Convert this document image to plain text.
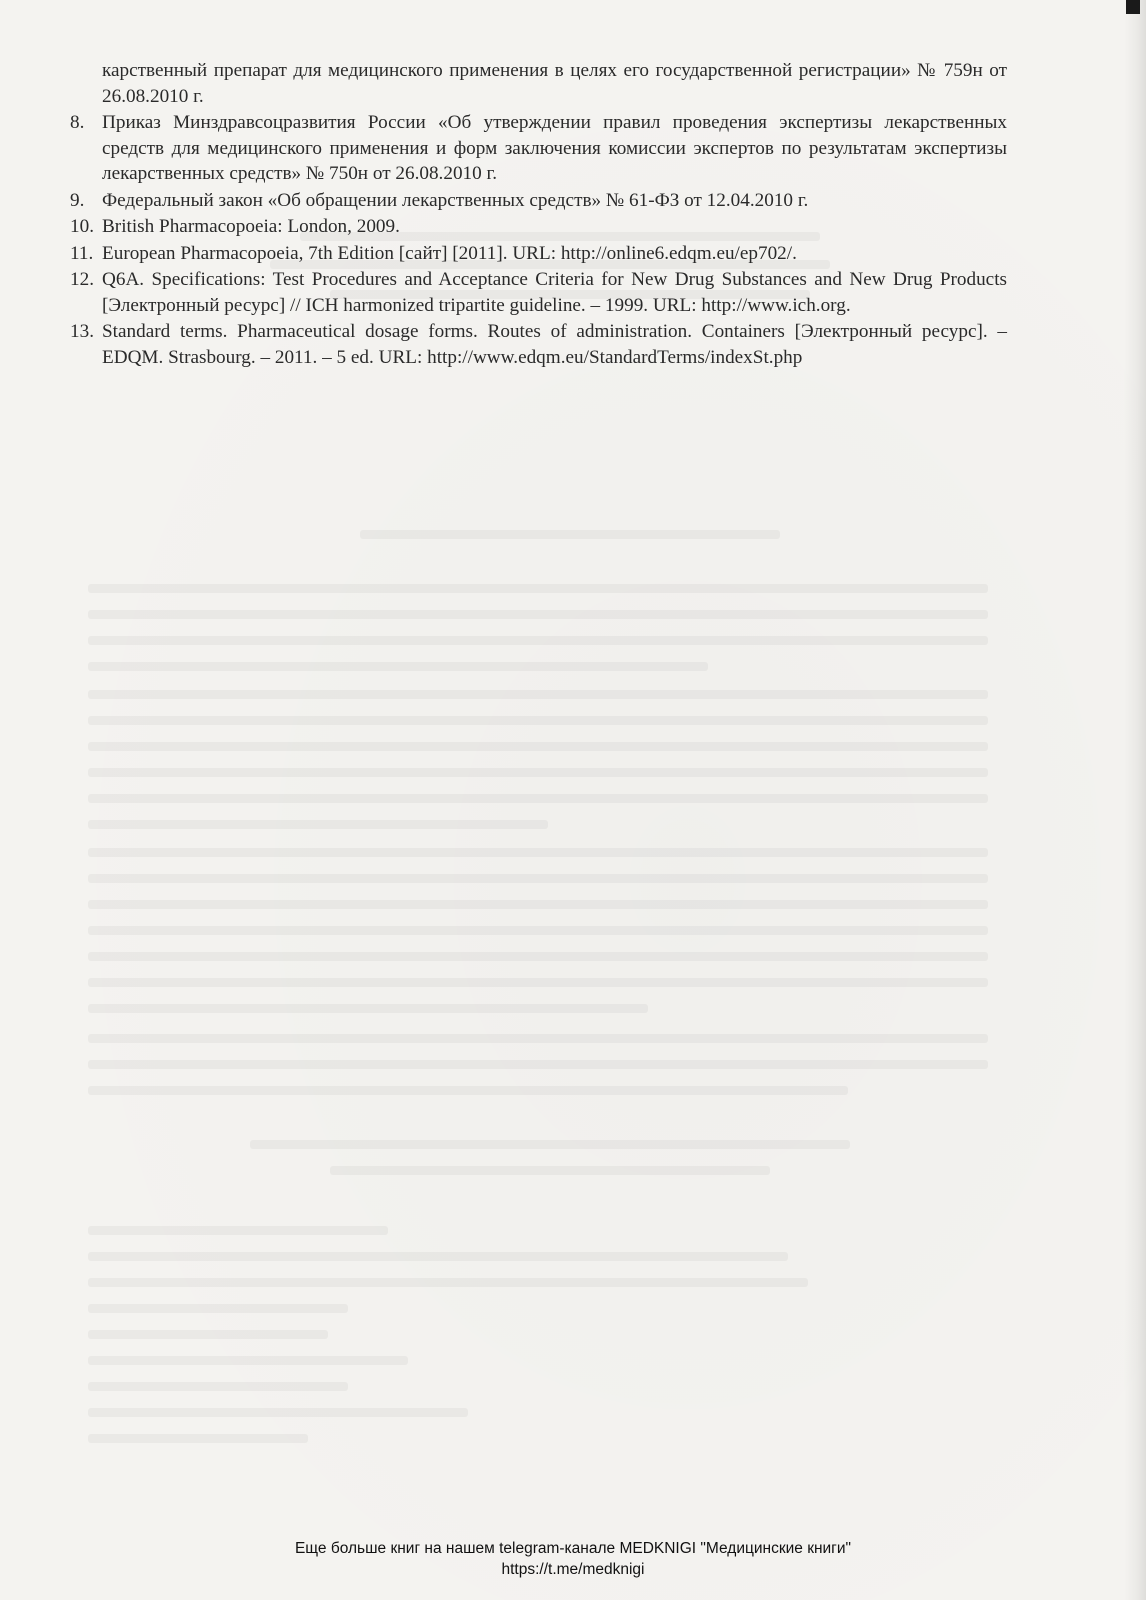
карственный препарат для медицинского применения в целях его государственной регистрации» № 759н от 26.08.2010 г.
8. Приказ Минздравсоцразвития России «Об утверждении правил проведения экспертизы лекарственных средств для медицинского применения и форм заключения комиссии экспертов по результатам экспертизы лекарственных средств» № 750н от 26.08.2010 г.
9. Федеральный закон «Об обращении лекарственных средств» № 61-ФЗ от 12.04.2010 г.
10. British Pharmacopoeia: London, 2009.
11. European Pharmacopoeia, 7th Edition [сайт] [2011]. URL: http://online6.edqm.eu/ep702/.
12. Q6A. Specifications: Test Procedures and Acceptance Criteria for New Drug Substances and New Drug Products [Электронный ресурс] // ICH harmonized tripartite guideline. – 1999. URL: http://www.ich.org.
13. Standard terms. Pharmaceutical dosage forms. Routes of administration. Containers [Электронный ресурс]. – EDQM. Strasbourg. – 2011. – 5 ed. URL: http://www.edqm.eu/StandardTerms/indexSt.php
Еще больше книг на нашем telegram-канале MEDKNIGI "Медицинские книги"
https://t.me/medknigi
